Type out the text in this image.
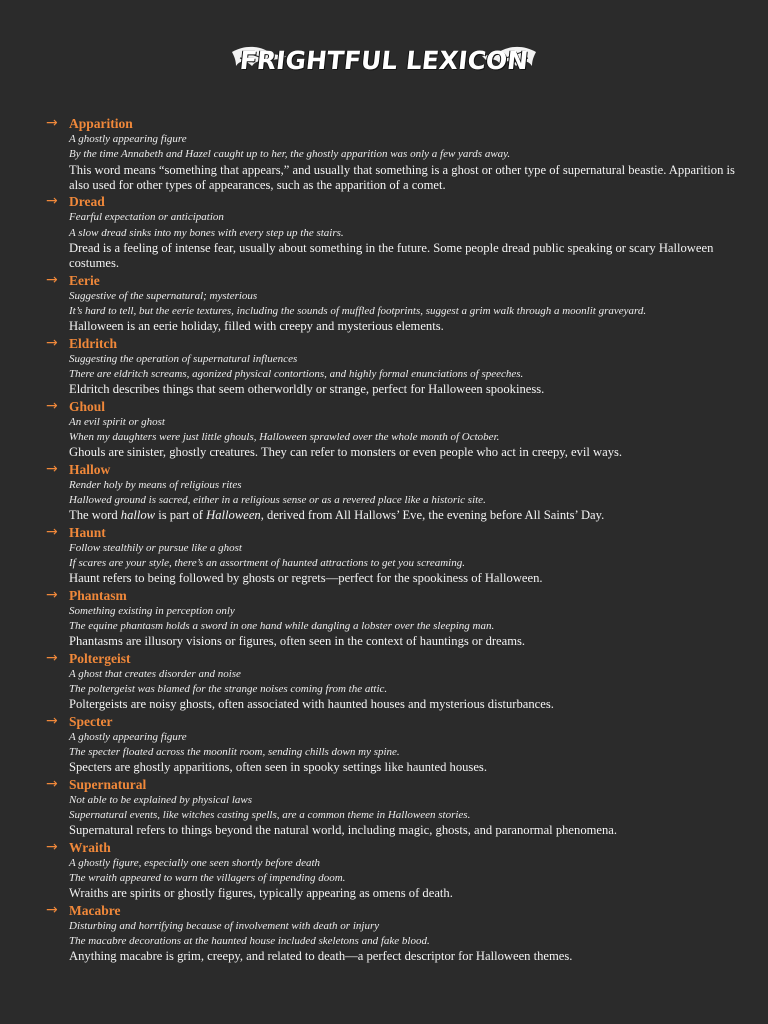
FRIGHTFUL LEXICON
→ Apparition
A ghostly appearing figure
By the time Annabeth and Hazel caught up to her, the ghostly apparition was only a few yards away.
This word means “something that appears,” and usually that something is a ghost or other type of supernatural beastie. Apparition is also used for other types of appearances, such as the apparition of a comet.
→ Dread
Fearful expectation or anticipation
A slow dread sinks into my bones with every step up the stairs.
Dread is a feeling of intense fear, usually about something in the future. Some people dread public speaking or scary Halloween costumes.
→ Eerie
Suggestive of the supernatural; mysterious
It’s hard to tell, but the eerie textures, including the sounds of muffled footprints, suggest a grim walk through a moonlit graveyard.
Halloween is an eerie holiday, filled with creepy and mysterious elements.
→ Eldritch
Suggesting the operation of supernatural influences
There are eldritch screams, agonized physical contortions, and highly formal enunciations of speeches.
Eldritch describes things that seem otherworldly or strange, perfect for Halloween spookiness.
→ Ghoul
An evil spirit or ghost
When my daughters were just little ghouls, Halloween sprawled over the whole month of October.
Ghouls are sinister, ghostly creatures. They can refer to monsters or even people who act in creepy, evil ways.
→ Hallow
Render holy by means of religious rites
Hallowed ground is sacred, either in a religious sense or as a revered place like a historic site.
The word hallow is part of Halloween, derived from All Hallows’ Eve, the evening before All Saints’ Day.
→ Haunt
Follow stealthily or pursue like a ghost
If scares are your style, there’s an assortment of haunted attractions to get you screaming.
Haunt refers to being followed by ghosts or regrets—perfect for the spookiness of Halloween.
→ Phantasm
Something existing in perception only
The equine phantasm holds a sword in one hand while dangling a lobster over the sleeping man.
Phantasms are illusory visions or figures, often seen in the context of hauntings or dreams.
→ Poltergeist
A ghost that creates disorder and noise
The poltergeist was blamed for the strange noises coming from the attic.
Poltergeists are noisy ghosts, often associated with haunted houses and mysterious disturbances.
→ Specter
A ghostly appearing figure
The specter floated across the moonlit room, sending chills down my spine.
Specters are ghostly apparitions, often seen in spooky settings like haunted houses.
→ Supernatural
Not able to be explained by physical laws
Supernatural events, like witches casting spells, are a common theme in Halloween stories.
Supernatural refers to things beyond the natural world, including magic, ghosts, and paranormal phenomena.
→ Wraith
A ghostly figure, especially one seen shortly before death
The wraith appeared to warn the villagers of impending doom.
Wraiths are spirits or ghostly figures, typically appearing as omens of death.
→ Macabre
Disturbing and horrifying because of involvement with death or injury
The macabre decorations at the haunted house included skeletons and fake blood.
Anything macabre is grim, creepy, and related to death—a perfect descriptor for Halloween themes.
